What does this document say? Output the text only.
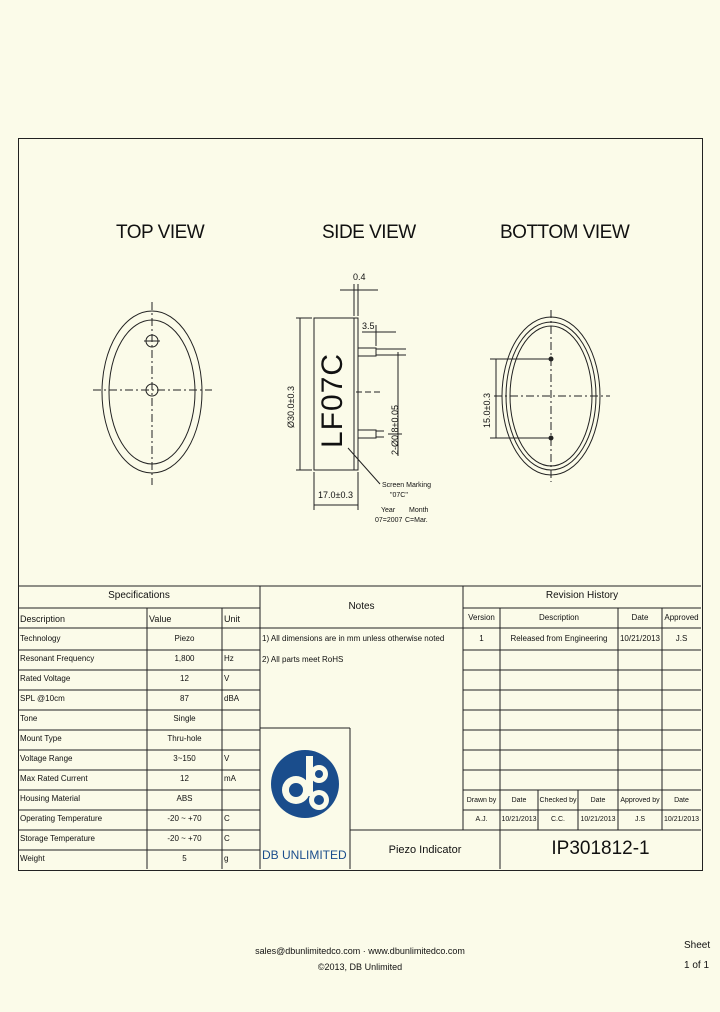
TOP VIEW	SIDE VIEW	BOTTOM VIEW
0.4
3.5
Ø30.0±0.3 LF07C	2-Ø0.8±0.05
17.0±0.3
Screen Marking
"07C"
Year
07=2007
Month
C=Mar.
15.0±0.3
Specifications
Description	Value	Unit
Technology	Piezo
Resonant Frequency	1,800	Hz
Rated Voltage	12	V
SPL @10cm	87	dBA
Tone	Single
Mount Type	Thru-hole
Voltage Range	3~150	V
Max Rated Current	12	mA
Housing Material	ABS
Operating Temperature	-20 ~ +70	C
Storage Temperature	-20 ~ +70	C
Weight	5	g
Notes
1) All dimensions are in mm unless otherwise noted
2) All parts meet RoHS
DB UNLIMITED
Revision History
Version	Description	Date	Approved
1	Released from Engineering	10/21/2013	J.S
Drawn by	Date	Checked by	Date	Approved by	Date
A.J.	10/21/2013	C.C.	10/21/2013	J.S	10/21/2013
Piezo Indicator	IP301812-1
Sheet
1 of 1
sales@dbunlimitedco.com · www.dbunlimitedco.com
©2013, DB Unlimited
